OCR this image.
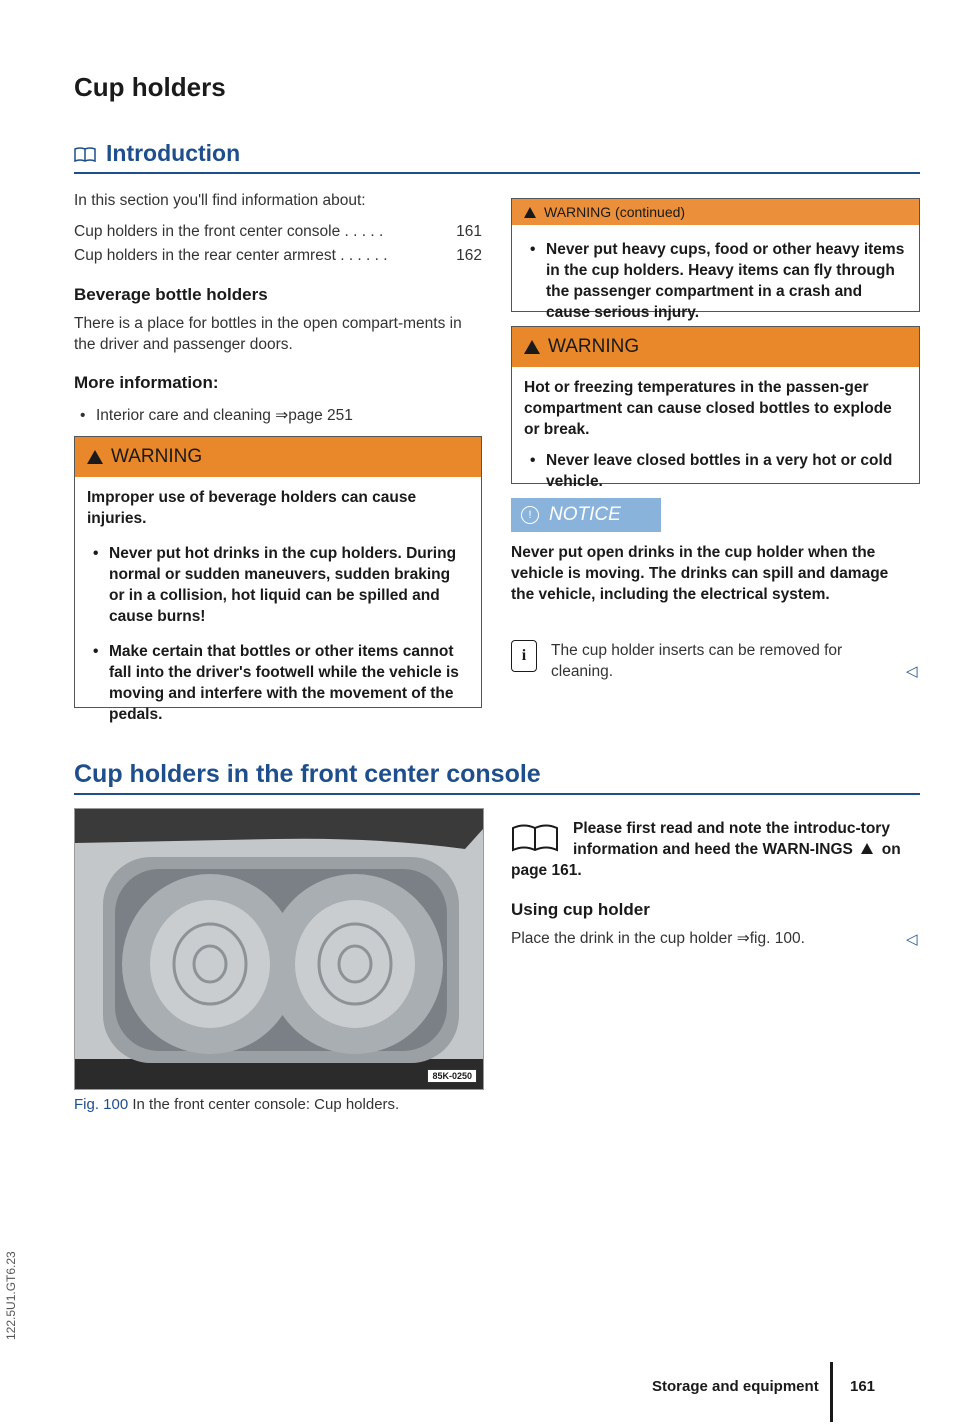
122.5U1.GT6.23
Cup holders
Introduction
In this section you'll find information about:
Cup holders in the front center console . . . . .	161
Cup holders in the rear center armrest . . . . . .	162
Beverage bottle holders
There is a place for bottles in the open compart-ments in the driver and passenger doors.
More information:
• Interior care and cleaning ⇒page 251
WARNING
Improper use of beverage holders can cause injuries.
• Never put hot drinks in the cup holders. During normal or sudden maneuvers, sudden braking or in a collision, hot liquid can be spilled and cause burns!
• Make certain that bottles or other items cannot fall into the driver's footwell while the vehicle is moving and interfere with the movement of the pedals.
WARNING (continued)
• Never put heavy cups, food or other heavy items in the cup holders. Heavy items can fly through the passenger compartment in a crash and cause serious injury.
WARNING
Hot or freezing temperatures in the passen-ger compartment can cause closed bottles to explode or break.
• Never leave closed bottles in a very hot or cold vehicle.
! NOTICE
Never put open drinks in the cup holder when the vehicle is moving. The drinks can spill and damage the vehicle, including the electrical system.
i	The cup holder inserts can be removed for cleaning.	◁
Cup holders in the front center console
85K-0250
Fig. 100 In the front center console: Cup holders.
Please first read and note the introduc-tory information and heed the WARN-INGS on page 161.
Using cup holder
Place the drink in the cup holder ⇒fig. 100.	◁
Storage and equipment 161
